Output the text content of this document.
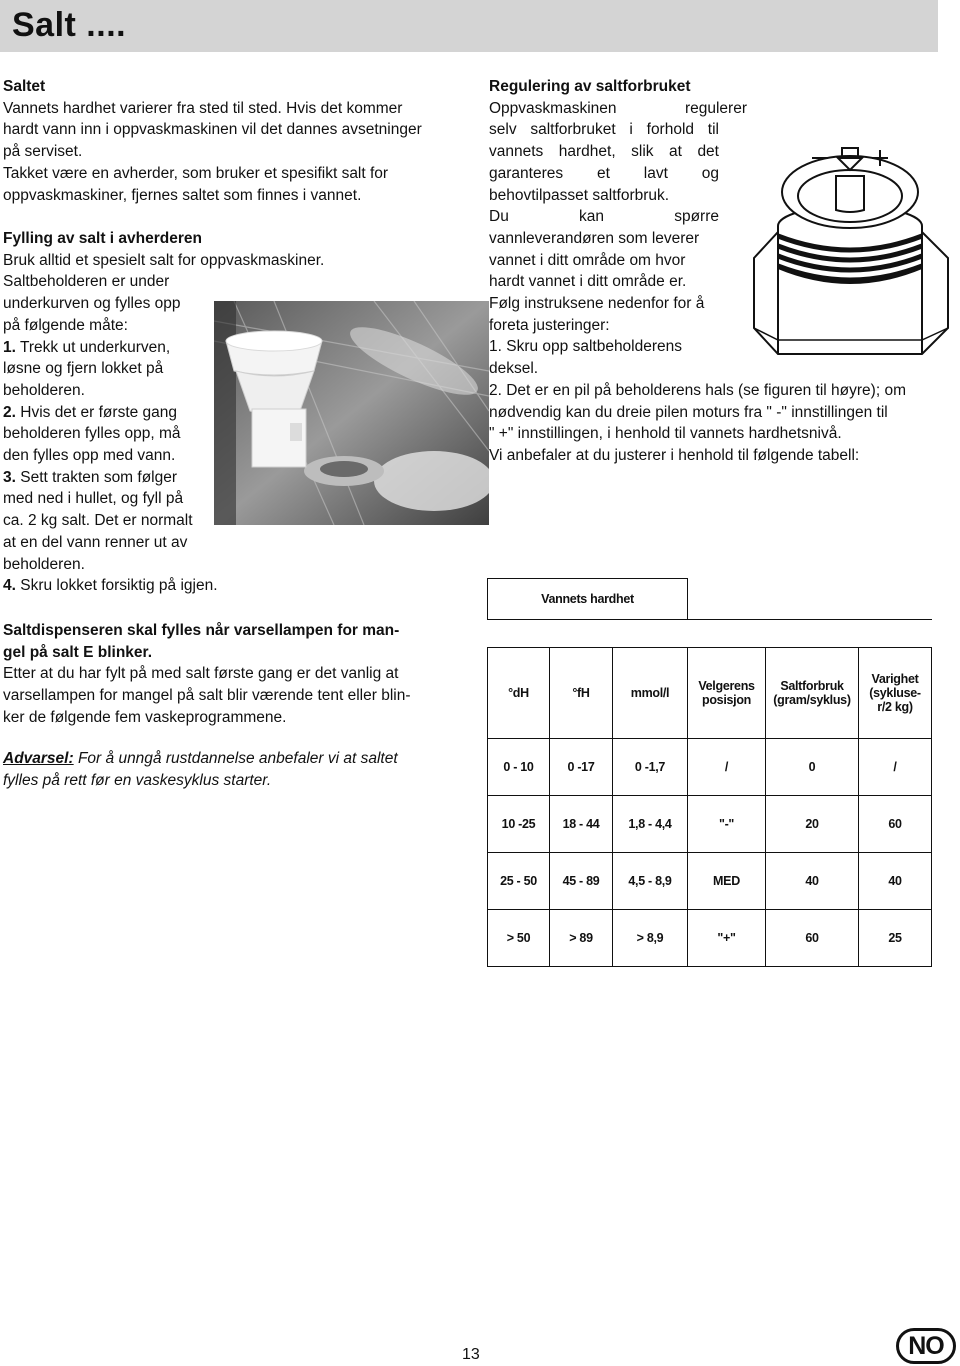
Salt ....

Saltet

Vannets hardhet varierer fra sted til sted. Hvis det kommer

hardt vann inn i oppvaskmaskinen vil det dannes avsetninger

på serviset.

Takket være en avherder, som bruker et spesifikt salt for

oppvaskmaskiner, fjernes saltet som finnes i vannet.

Fylling av salt i avherderen

Bruk alltid et spesielt salt for oppvaskmaskiner.

Saltbeholderen er under

underkurven og fylles opp

på følgende måte:

1. Trekk ut underkurven,

løsne og fjern lokket på

beholderen.

2. Hvis det er første gang

beholderen fylles opp, må

den fylles opp med vann.

3. Sett trakten som følger

med ned i hullet, og fyll på

ca. 2 kg salt. Det er normalt

at en del vann renner ut av

beholderen.

4. Skru lokket forsiktig på igjen.

Saltdispenseren skal fylles når varsellampen for man-

gel på salt E blinker.

Etter at du har fylt på med salt første gang er det vanlig at

varsellampen for mangel på salt blir værende tent eller blin-

ker de følgende fem vaskeprogrammene.

Advarsel: For å unngå rustdannelse anbefaler vi at saltet

fylles på rett før en vaskesyklus starter.

Regulering av saltforbruket

Oppvaskmaskinen regulerer

selv saltforbruket i forhold til

vannets hardhet, slik at det

garanteres et lavt og

behovtilpasset saltforbruk.

Du kan spørre

vannleverandøren som leverer

vannet i ditt område om hvor

hardt vannet i ditt område er.

Følg instruksene nedenfor for å

foreta justeringer:

1. Skru opp saltbeholderens

deksel.

2. Det er en pil på beholderens hals (se figuren til høyre); om

nødvendig kan du dreie pilen moturs fra " -" innstillingen til

" +" innstillingen, i henhold til vannets hardhetsnivå.

Vi anbefaler at du justerer i henhold til følgende tabell:

Vannets hardhet					

°dH	°fH	mmol/l	Velgerens
posisjon	Saltforbruk
(gram/syklus)	Varighet
(sykluse-
r/2 kg)
0 - 10	0 -17	0 -1,7	/	0	/
10 -25	18 - 44	1,8 - 4,4	"-"	20	60
25 - 50	45 - 89	4,5 - 8,9	MED	40	40
> 50	> 89	> 8,9	"+"	60	25
13	NO
